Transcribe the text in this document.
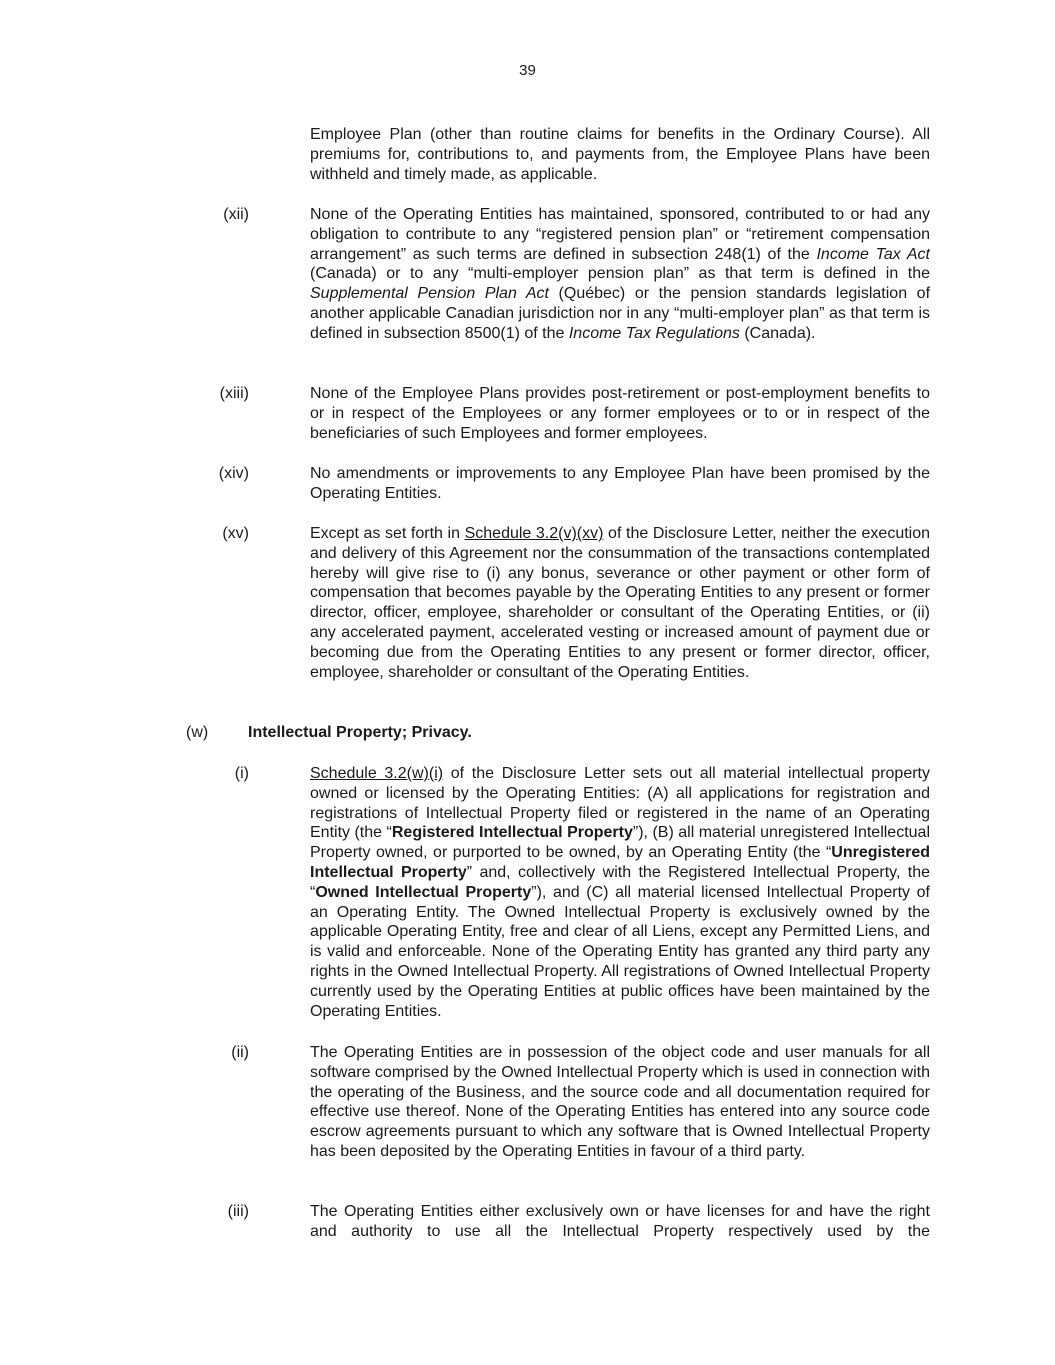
39
Employee Plan (other than routine claims for benefits in the Ordinary Course). All premiums for, contributions to, and payments from, the Employee Plans have been withheld and timely made, as applicable.
(xii)	None of the Operating Entities has maintained, sponsored, contributed to or had any obligation to contribute to any “registered pension plan” or “retirement compensation arrangement” as such terms are defined in subsection 248(1) of the Income Tax Act (Canada) or to any “multi-employer pension plan” as that term is defined in the Supplemental Pension Plan Act (Québec) or the pension standards legislation of another applicable Canadian jurisdiction nor in any “multi-employer plan” as that term is defined in subsection 8500(1) of the Income Tax Regulations (Canada).
(xiii)	None of the Employee Plans provides post-retirement or post-employment benefits to or in respect of the Employees or any former employees or to or in respect of the beneficiaries of such Employees and former employees.
(xiv)	No amendments or improvements to any Employee Plan have been promised by the Operating Entities.
(xv)	Except as set forth in Schedule 3.2(v)(xv) of the Disclosure Letter, neither the execution and delivery of this Agreement nor the consummation of the transactions contemplated hereby will give rise to (i) any bonus, severance or other payment or other form of compensation that becomes payable by the Operating Entities to any present or former director, officer, employee, shareholder or consultant of the Operating Entities, or (ii) any accelerated payment, accelerated vesting or increased amount of payment due or becoming due from the Operating Entities to any present or former director, officer, employee, shareholder or consultant of the Operating Entities.
(w)	Intellectual Property; Privacy.
(i)	Schedule 3.2(w)(i) of the Disclosure Letter sets out all material intellectual property owned or licensed by the Operating Entities: (A) all applications for registration and registrations of Intellectual Property filed or registered in the name of an Operating Entity (the “Registered Intellectual Property”), (B) all material unregistered Intellectual Property owned, or purported to be owned, by an Operating Entity (the “Unregistered Intellectual Property” and, collectively with the Registered Intellectual Property, the “Owned Intellectual Property”), and (C) all material licensed Intellectual Property of an Operating Entity. The Owned Intellectual Property is exclusively owned by the applicable Operating Entity, free and clear of all Liens, except any Permitted Liens, and is valid and enforceable. None of the Operating Entity has granted any third party any rights in the Owned Intellectual Property. All registrations of Owned Intellectual Property currently used by the Operating Entities at public offices have been maintained by the Operating Entities.
(ii)	The Operating Entities are in possession of the object code and user manuals for all software comprised by the Owned Intellectual Property which is used in connection with the operating of the Business, and the source code and all documentation required for effective use thereof. None of the Operating Entities has entered into any source code escrow agreements pursuant to which any software that is Owned Intellectual Property has been deposited by the Operating Entities in favour of a third party.
(iii)	The Operating Entities either exclusively own or have licenses for and have the right and authority to use all the Intellectual Property respectively used by the
